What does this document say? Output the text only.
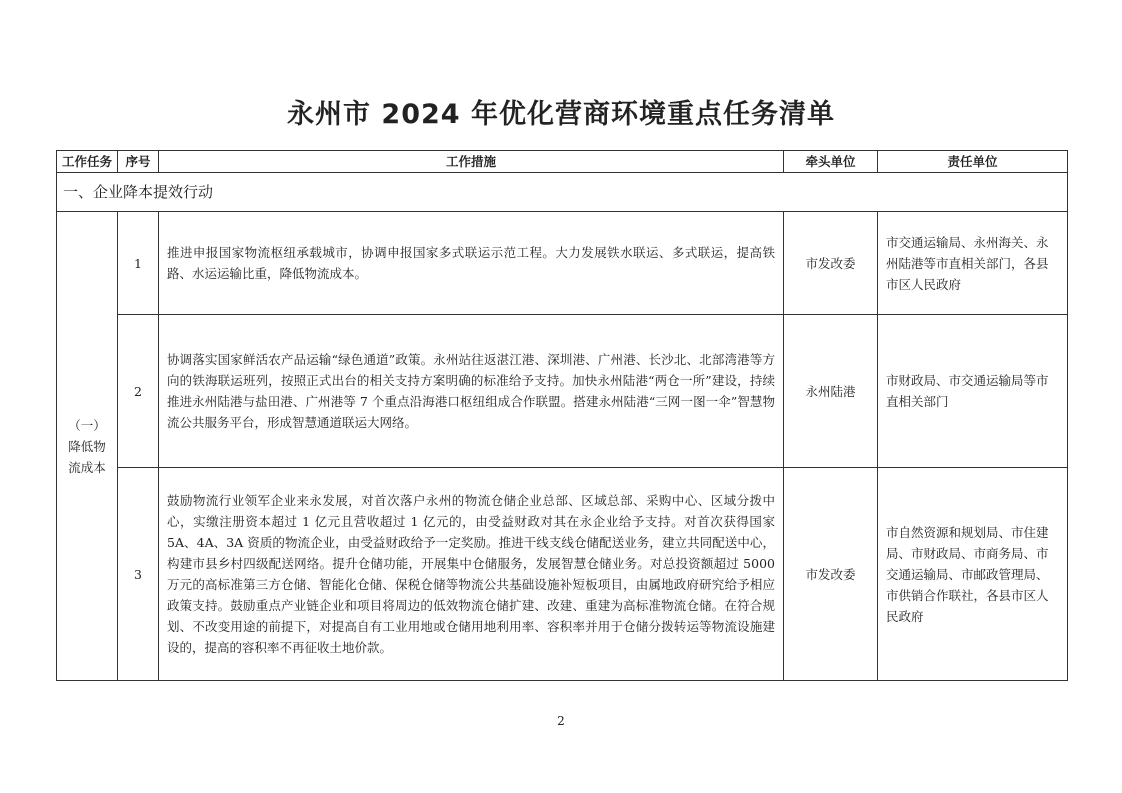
永州市 2024 年优化营商环境重点任务清单
工作任务	序号	工作措施	牵头单位	责任单位
一、企业降本提效行动				
（一）降低物流成本	1	推进申报国家物流枢纽承载城市，协调申报国家多式联运示范工程。大力发展铁水联运、多式联运，提高铁路、水运运输比重，降低物流成本。	市发改委	市交通运输局、永州海关、永州陆港等市直相关部门，各县市区人民政府
	2	协调落实国家鲜活农产品运输“绿色通道”政策。永州站往返湛江港、深圳港、广州港、长沙北、北部湾港等方向的铁海联运班列，按照正式出台的相关支持方案明确的标准给予支持。加快永州陆港“两仓一所”建设，持续推进永州陆港与盐田港、广州港等 7 个重点沿海港口枢纽组成合作联盟。搭建永州陆港“三网一图一伞”智慧物流公共服务平台，形成智慧通道联运大网络。	永州陆港	市财政局、市交通运输局等市直相关部门
	3	鼓励物流行业领军企业来永发展，对首次落户永州的物流仓储企业总部、区域总部、采购中心、区域分拨中心，实缴注册资本超过 1 亿元且营收超过 1 亿元的，由受益财政对其在永企业给予支持。对首次获得国家 5A、4A、3A 资质的物流企业，由受益财政给予一定奖励。推进干线支线仓储配送业务，建立共同配送中心，构建市县乡村四级配送网络。提升仓储功能，开展集中仓储服务，发展智慧仓储业务。对总投资额超过 5000 万元的高标准第三方仓储、智能化仓储、保税仓储等物流公共基础设施补短板项目，由属地政府研究给予相应政策支持。鼓励重点产业链企业和项目将周边的低效物流仓储扩建、改建、重建为高标准物流仓储。在符合规划、不改变用途的前提下，对提高自有工业用地或仓储用地利用率、容积率并用于仓储分拨转运等物流设施建设的，提高的容积率不再征收土地价款。	市发改委	市自然资源和规划局、市住建局、市财政局、市商务局、市交通运输局、市邮政管理局、市供销合作联社，各县市区人民政府
2
